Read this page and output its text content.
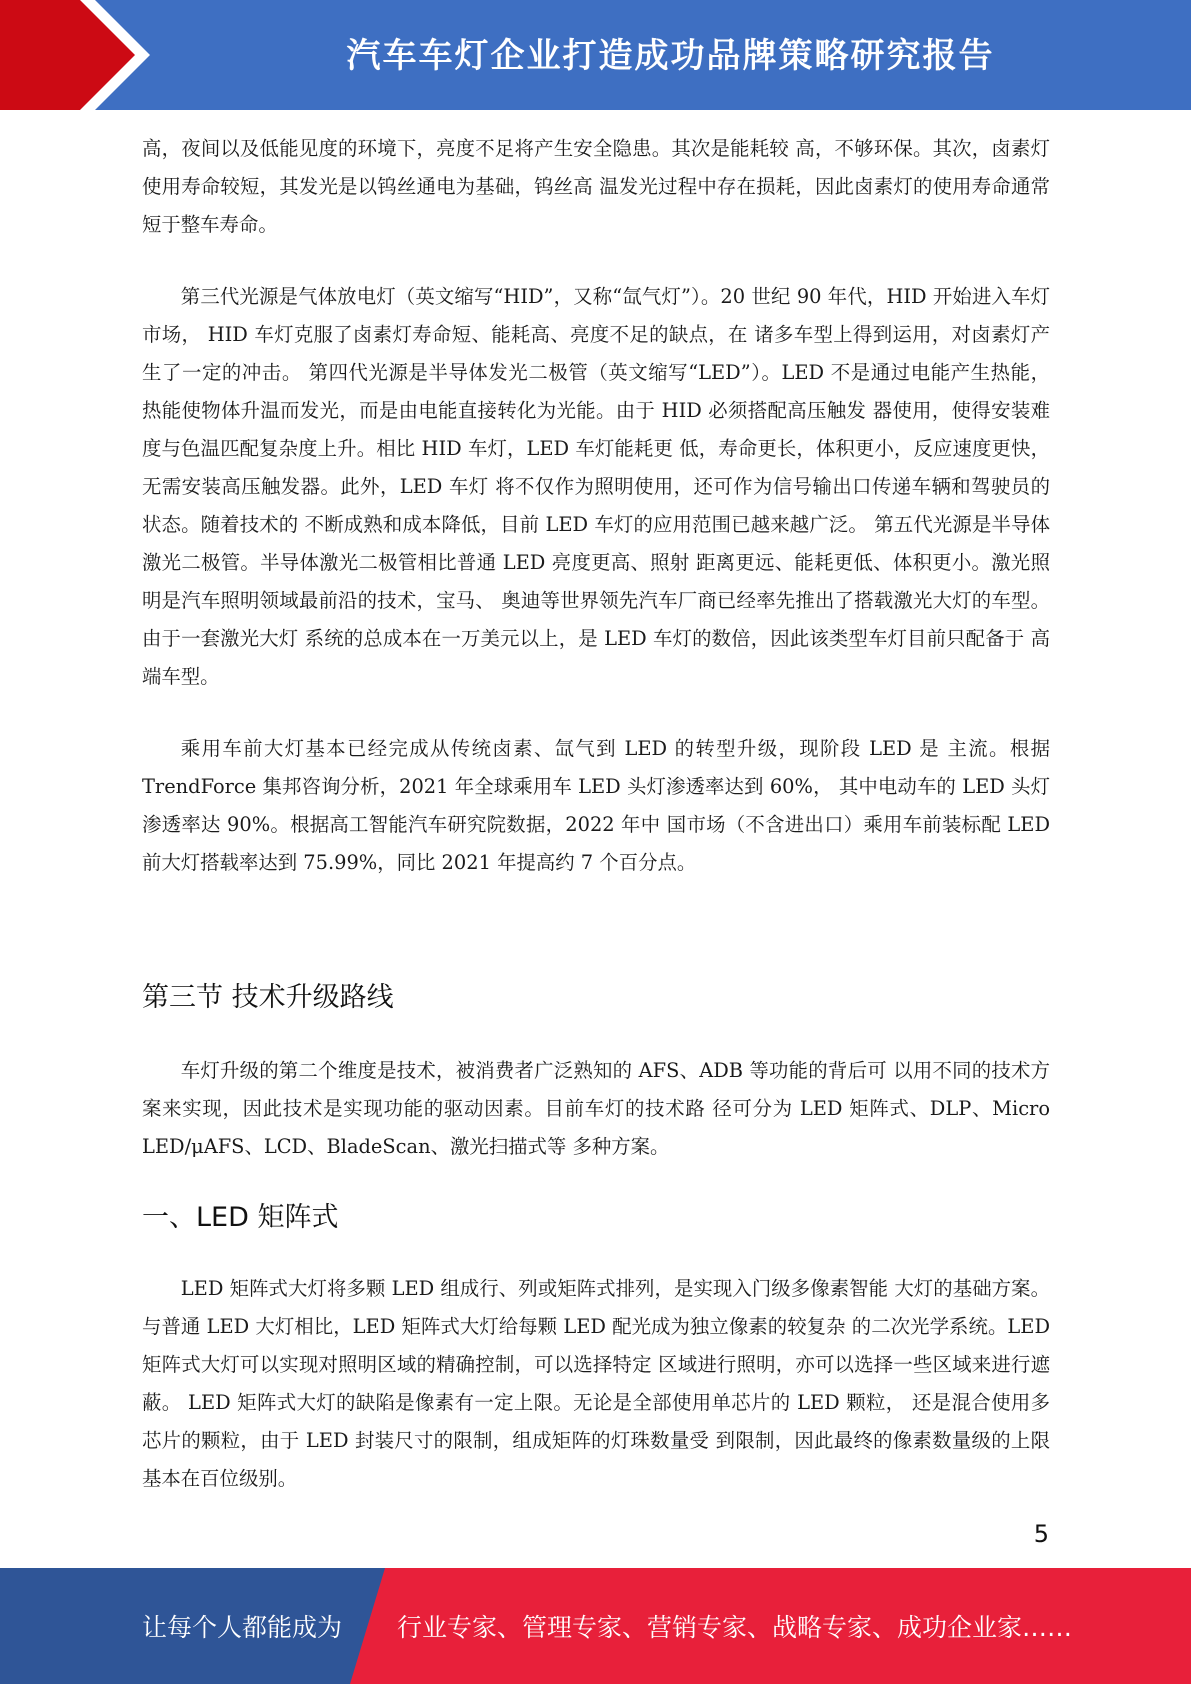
汽车车灯企业打造成功品牌策略研究报告

高，夜间以及低能见度的环境下，亮度不足将产生安全隐患。其次是能耗较 高，不够环保。其次，卤素灯使用寿命较短，其发光是以钨丝通电为基础，钨丝高 温发光过程中存在损耗，因此卤素灯的使用寿命通常短于整车寿命。

第三代光源是气体放电灯（英文缩写“HID”，又称“氙气灯”）。20 世纪 90 年代，HID 开始进入车灯市场， HID 车灯克服了卤素灯寿命短、能耗高、亮度不足的缺点，在 诸多车型上得到运用，对卤素灯产生了一定的冲击。 第四代光源是半导体发光二极管（英文缩写“LED”）。LED 不是通过电能产生热能， 热能使物体升温而发光，而是由电能直接转化为光能。由于 HID 必须搭配高压触发 器使用，使得安装难度与色温匹配复杂度上升。相比 HID 车灯，LED 车灯能耗更 低，寿命更长，体积更小，反应速度更快，无需安装高压触发器。此外，LED 车灯 将不仅作为照明使用，还可作为信号输出口传递车辆和驾驶员的状态。随着技术的 不断成熟和成本降低，目前 LED 车灯的应用范围已越来越广泛。 第五代光源是半导体激光二极管。半导体激光二极管相比普通 LED 亮度更高、照射 距离更远、能耗更低、体积更小。激光照明是汽车照明领域最前沿的技术，宝马、 奥迪等世界领先汽车厂商已经率先推出了搭载激光大灯的车型。由于一套激光大灯 系统的总成本在一万美元以上，是 LED 车灯的数倍，因此该类型车灯目前只配备于 高端车型。

乘用车前大灯基本已经完成从传统卤素、氙气到 LED 的转型升级，现阶段 LED 是 主流。根据 TrendForce 集邦咨询分析，2021 年全球乘用车 LED 头灯渗透率达到 60%， 其中电动车的 LED 头灯渗透率达 90%。根据高工智能汽车研究院数据，2022 年中 国市场（不含进出口）乘用车前装标配 LED 前大灯搭载率达到 75.99%，同比 2021 年提高约 7 个百分点。

第三节 技术升级路线

车灯升级的第二个维度是技术，被消费者广泛熟知的 AFS、ADB 等功能的背后可 以用不同的技术方案来实现，因此技术是实现功能的驱动因素。目前车灯的技术路 径可分为 LED 矩阵式、DLP、Micro LED/μAFS、LCD、BladeScan、激光扫描式等 多种方案。

一、LED 矩阵式

LED 矩阵式大灯将多颗 LED 组成行、列或矩阵式排列，是实现入门级多像素智能 大灯的基础方案。 与普通 LED 大灯相比，LED 矩阵式大灯给每颗 LED 配光成为独立像素的较复杂 的二次光学系统。LED 矩阵式大灯可以实现对照明区域的精确控制，可以选择特定 区域进行照明，亦可以选择一些区域来进行遮蔽。 LED 矩阵式大灯的缺陷是像素有一定上限。无论是全部使用单芯片的 LED 颗粒， 还是混合使用多芯片的颗粒，由于 LED 封装尺寸的限制，组成矩阵的灯珠数量受 到限制，因此最终的像素数量级的上限基本在百位级别。

5
让每个人都能成为 行业专家、管理专家、营销专家、战略专家、成功企业家……
